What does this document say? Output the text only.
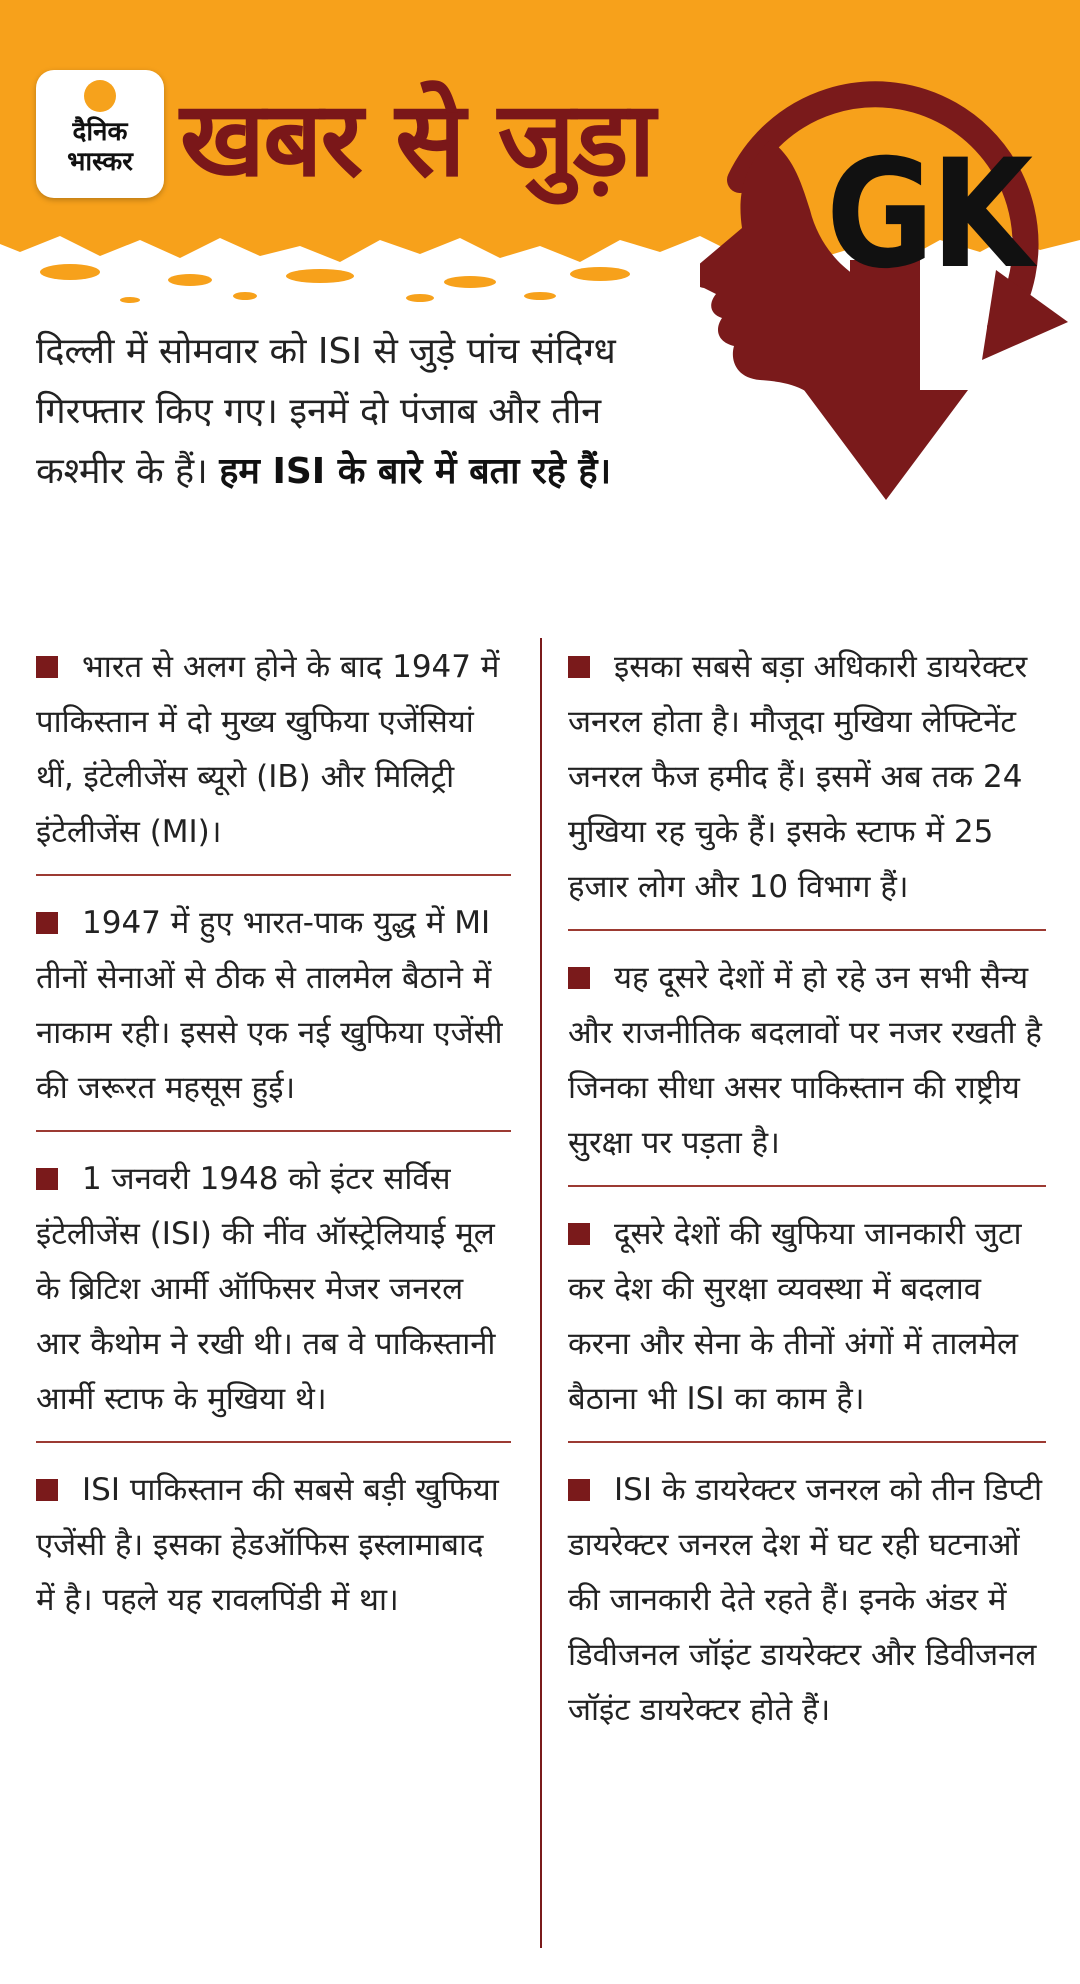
दैनिक
भास्कर खबर से जुड़ा GK
दिल्ली में सोमवार को ISI से जुड़े पांच संदिग्ध गिरफ्तार किए गए। इनमें दो पंजाब और तीन कश्मीर के हैं। हम ISI के बारे में बता रहे हैं।
भारत से अलग होने के बाद 1947 में पाकिस्तान में दो मुख्य खुफिया एजेंसियां थीं, इंटेलीजेंस ब्यूरो (IB) और मिलिट्री इंटेलीजेंस (MI)।
1947 में हुए भारत-पाक युद्ध में MI तीनों सेनाओं से ठीक से तालमेल बैठाने में नाकाम रही। इससे एक नई खुफिया एजेंसी की जरूरत महसूस हुई।
1 जनवरी 1948 को इंटर सर्विस इंटेलीजेंस (ISI) की नींव ऑस्ट्रेलियाई मूल के ब्रिटिश आर्मी ऑफिसर मेजर जनरल आर कैथोम ने रखी थी। तब वे पाकिस्तानी आर्मी स्टाफ के मुखिया थे।
ISI पाकिस्तान की सबसे बड़ी खुफिया एजेंसी है। इसका हेडऑफिस इस्लामाबाद में है। पहले यह रावलपिंडी में था।
इसका सबसे बड़ा अधिकारी डायरेक्टर जनरल होता है। मौजूदा मुखिया लेफ्टिनेंट जनरल फैज हमीद हैं। इसमें अब तक 24 मुखिया रह चुके हैं। इसके स्टाफ में 25 हजार लोग और 10 विभाग हैं।
यह दूसरे देशों में हो रहे उन सभी सैन्य और राजनीतिक बदलावों पर नजर रखती है जिनका सीधा असर पाकिस्तान की राष्ट्रीय सुरक्षा पर पड़ता है।
दूसरे देशों की खुफिया जानकारी जुटा कर देश की सुरक्षा व्यवस्था में बदलाव करना और सेना के तीनों अंगों में तालमेल बैठाना भी ISI का काम है।
ISI के डायरेक्टर जनरल को तीन डिप्टी डायरेक्टर जनरल देश में घट रही घटनाओं की जानकारी देते रहते हैं। इनके अंडर में डिवीजनल जॉइंट डायरेक्टर और डिवीजनल जॉइंट डायरेक्टर होते हैं।
